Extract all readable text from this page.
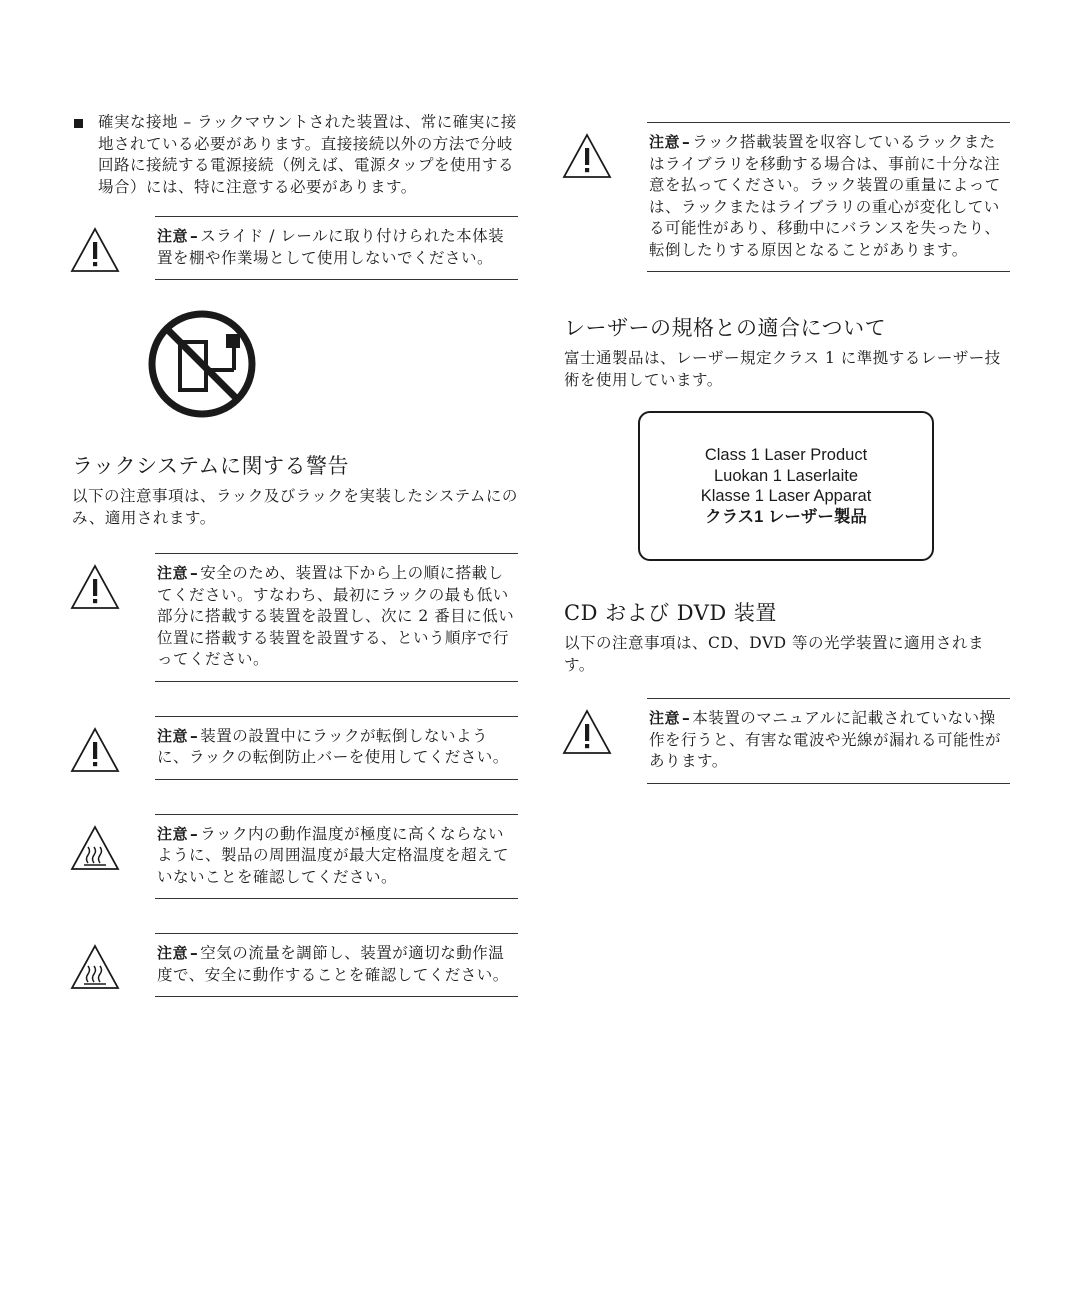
確実な接地 – ラックマウントされた装置は、常に確実に接地されている必要があります。直接接続以外の方法で分岐回路に接続する電源接続（例えば、電源タップを使用する場合）には、特に注意する必要があります。

注意 – スライド / レールに取り付けられた本体装置を棚や作業場として使用しないでください。

ラックシステムに関する警告

以下の注意事項は、ラック及びラックを実装したシステムにのみ、適用されます。

注意 – 安全のため、装置は下から上の順に搭載してください。すなわち、最初にラックの最も低い部分に搭載する装置を設置し、次に 2 番目に低い位置に搭載する装置を設置する、という順序で行ってください。

注意 – 装置の設置中にラックが転倒しないように、ラックの転倒防止バーを使用してください。

注意 – ラック内の動作温度が極度に高くならないように、製品の周囲温度が最大定格温度を超えていないことを確認してください。

注意 – 空気の流量を調節し、装置が適切な動作温度で、安全に動作することを確認してください。

注意 – ラック搭載装置を収容しているラックまたはライブラリを移動する場合は、事前に十分な注意を払ってください。ラック装置の重量によっては、ラックまたはライブラリの重心が変化している可能性があり、移動中にバランスを失ったり、転倒したりする原因となることがあります。

レーザーの規格との適合について

富士通製品は、レーザー規定クラス 1 に準拠するレーザー技術を使用しています。

Class 1 Laser Product
Luokan 1 Laserlaite
Klasse 1 Laser Apparat
クラス1 レーザー製品
CD および DVD 装置

以下の注意事項は、CD、DVD 等の光学装置に適用されます。

注意 – 本装置のマニュアルに記載されていない操作を行うと、有害な電波や光線が漏れる可能性があります。
